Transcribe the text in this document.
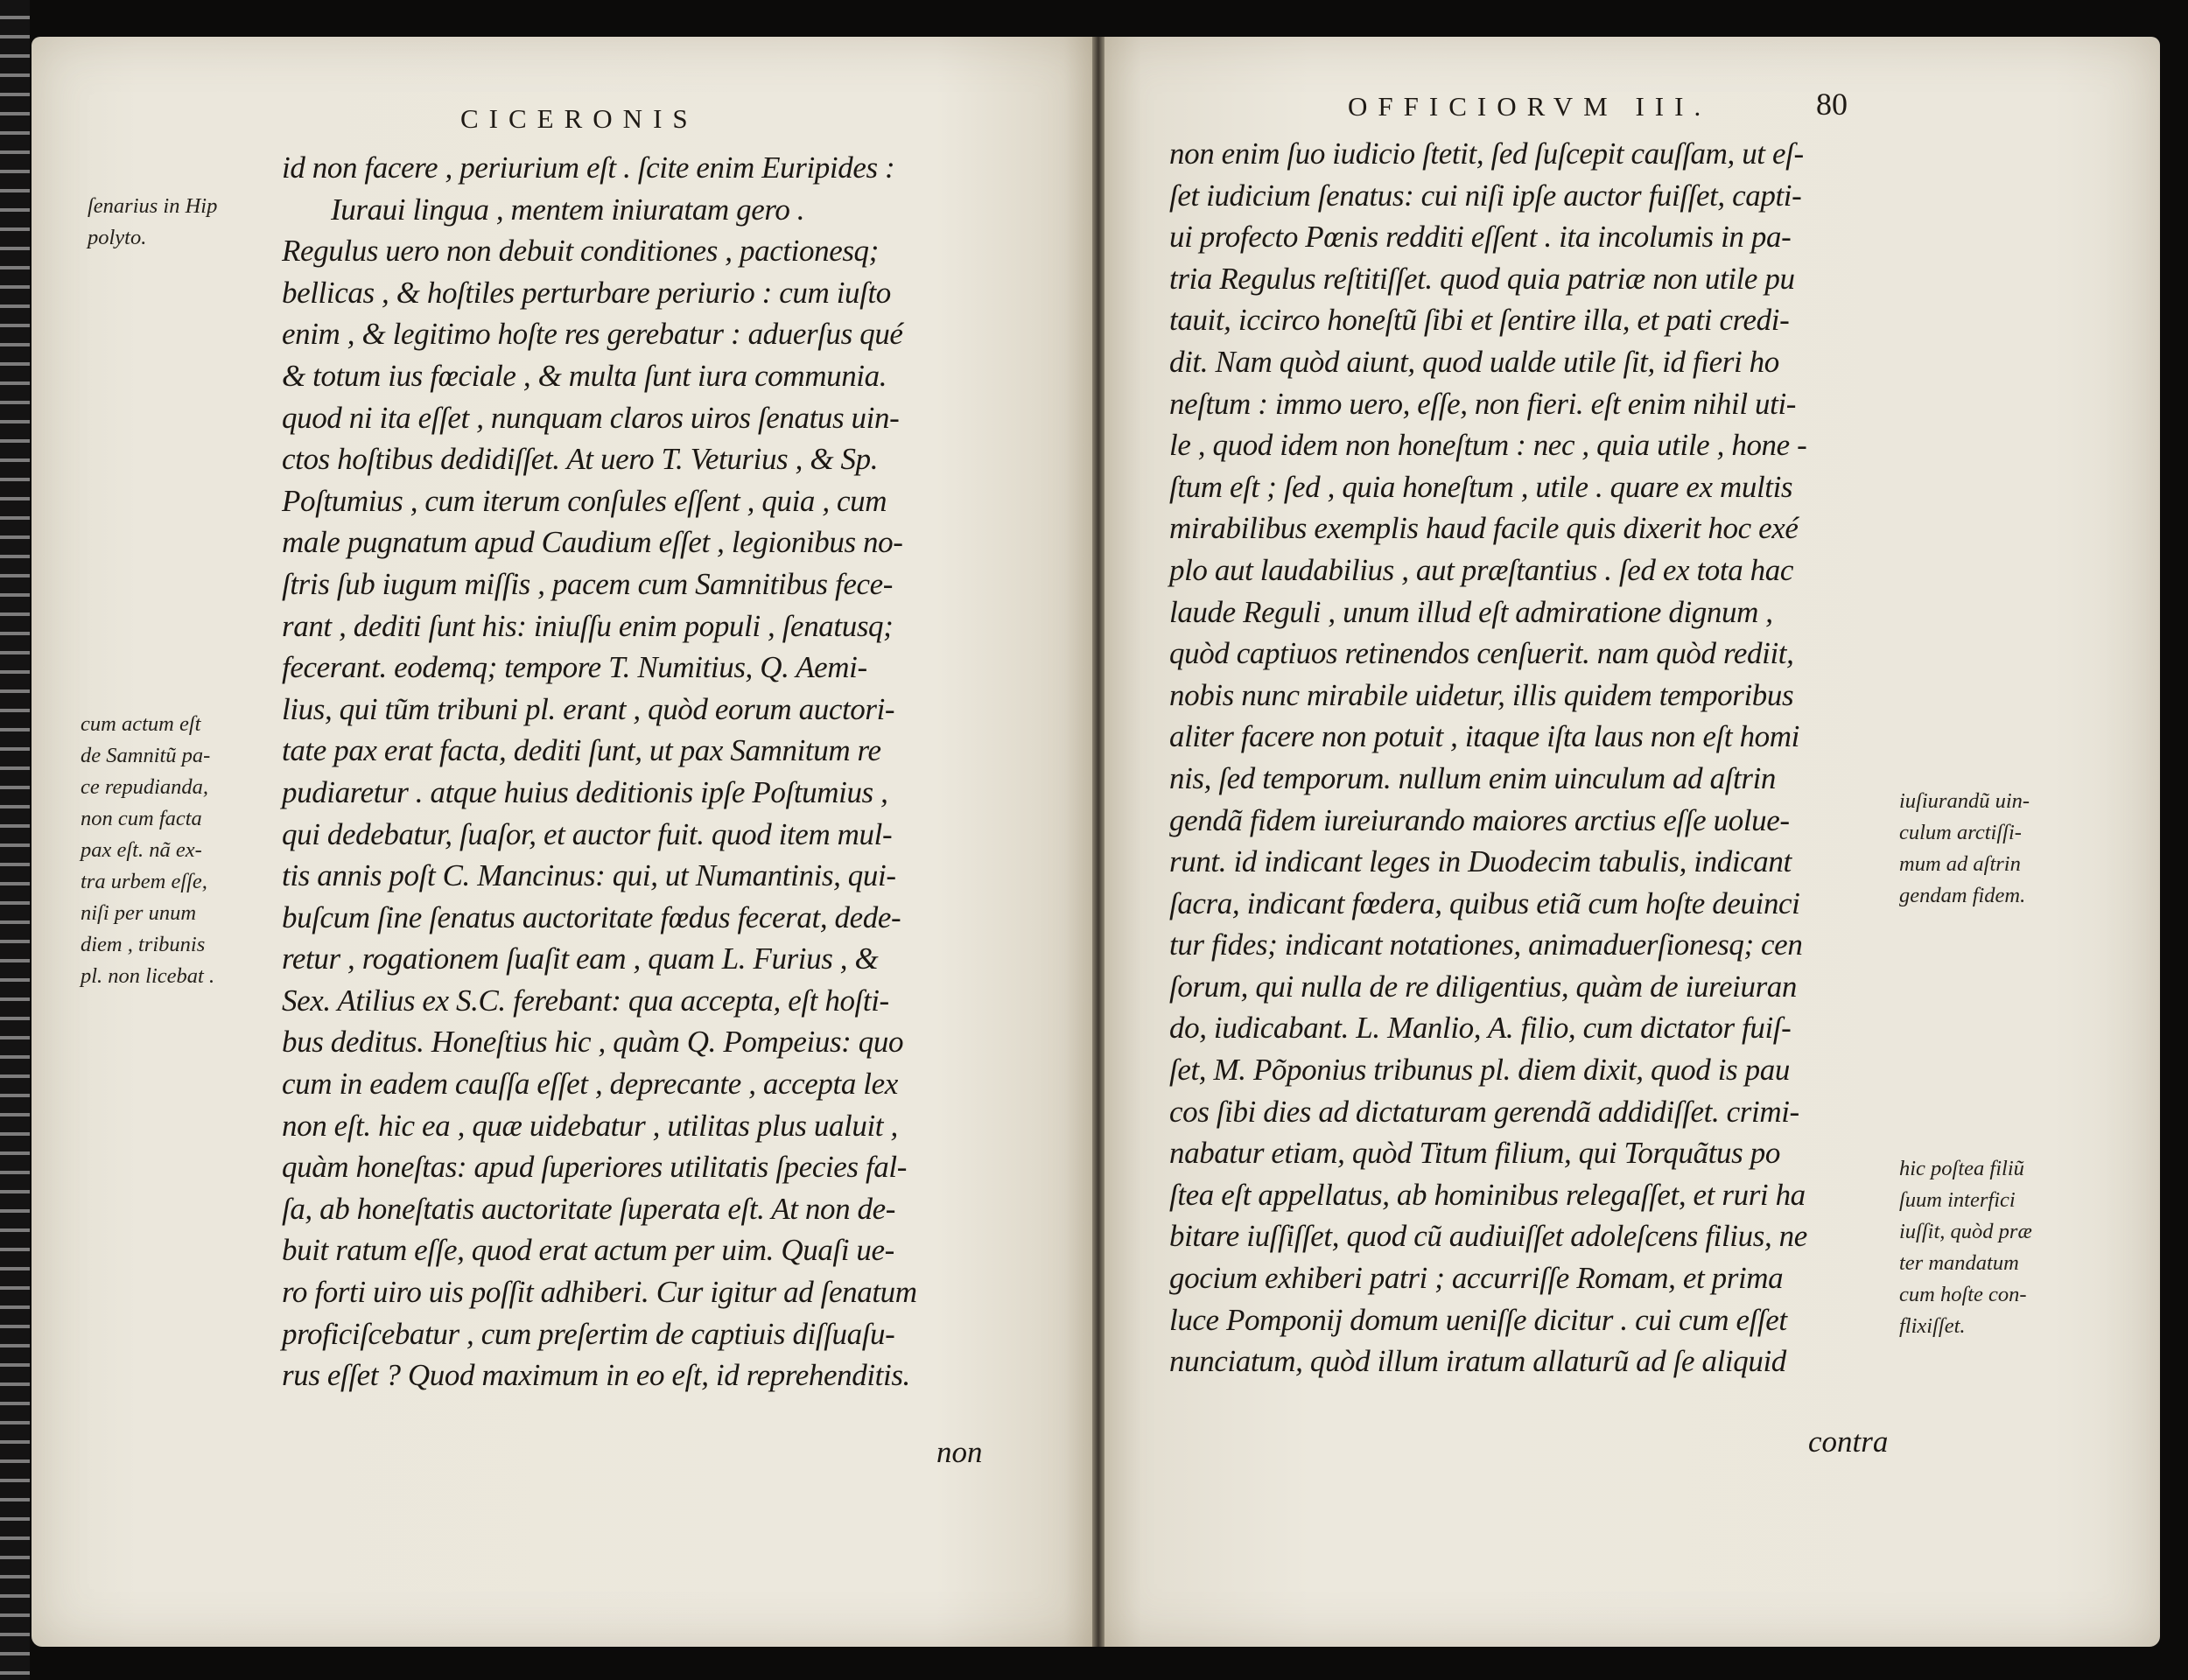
CICERONIS
ſenarius in Hip
polyto.
cum actum eſt
de Samnitũ pa-
ce repudianda,
non cum facta
pax eſt. nã ex-
tra urbem eſſe,
niſi per unum
diem , tribunis
pl. non licebat .
id non facere , periurium eſt . ſcite enim Euripides :
Iuraui lingua , mentem iniuratam gero .
Regulus uero non debuit conditiones , pactionesq;
bellicas , & hoſtiles perturbare periurio : cum iuſto
enim , & legitimo hoſte res gerebatur : aduerſus qué
& totum ius fœciale , & multa ſunt iura communia.
quod ni ita eſſet , nunquam claros uiros ſenatus uin-
ctos hoſtibus dedidiſſet. At uero T. Veturius , & Sp.
Poſtumius , cum iterum conſules eſſent , quia , cum
male pugnatum apud Caudium eſſet , legionibus no-
ſtris ſub iugum miſſis , pacem cum Samnitibus fece-
rant , dediti ſunt his: iniuſſu enim populi , ſenatusq;
fecerant. eodemq; tempore T. Numitius, Q. Aemi-
lius, qui tũm tribuni pl. erant , quòd eorum auctori-
tate pax erat facta, dediti ſunt, ut pax Samnitum re
pudiaretur . atque huius deditionis ipſe Poſtumius ,
qui dedebatur, ſuaſor, et auctor fuit. quod item mul-
tis annis poſt C. Mancinus: qui, ut Numantinis, qui-
buſcum ſine ſenatus auctoritate fœdus fecerat, dede-
retur , rogationem ſuaſit eam , quam L. Furius , &
Sex. Atilius ex S.C. ferebant: qua accepta, eſt hoſti-
bus deditus. Honeſtius hic , quàm Q. Pompeius: quo
cum in eadem cauſſa eſſet , deprecante , accepta lex
non eſt. hic ea , quæ uidebatur , utilitas plus ualuit ,
quàm honeſtas: apud ſuperiores utilitatis ſpecies fal-
ſa, ab honeſtatis auctoritate ſuperata eſt. At non de-
buit ratum eſſe, quod erat actum per uim. Quaſi ue-
ro forti uiro uis poſſit adhiberi. Cur igitur ad ſenatum
proficiſcebatur , cum preſertim de captiuis diſſuaſu-
rus eſſet ? Quod maximum in eo eſt, id reprehenditis.
non
OFFICIORVM III.	80
non enim ſuo iudicio ſtetit, ſed ſuſcepit cauſſam, ut eſ-
ſet iudicium ſenatus: cui niſi ipſe auctor fuiſſet, capti-
ui profecto Pœnis redditi eſſent . ita incolumis in pa-
tria Regulus reſtitiſſet. quod quia patriæ non utile pu
tauit, iccirco honeſtũ ſibi et ſentire illa, et pati credi-
dit. Nam quòd aiunt, quod ualde utile ſit, id fieri ho
neſtum : immo uero, eſſe, non fieri. eſt enim nihil uti-
le , quod idem non honeſtum : nec , quia utile , hone -
ſtum eſt ; ſed , quia honeſtum , utile . quare ex multis
mirabilibus exemplis haud facile quis dixerit hoc exé
plo aut laudabilius , aut præſtantius . ſed ex tota hac
laude Reguli , unum illud eſt admiratione dignum ,
quòd captiuos retinendos cenſuerit. nam quòd rediit,
nobis nunc mirabile uidetur, illis quidem temporibus
aliter facere non potuit , itaque iſta laus non eſt homi
nis, ſed temporum. nullum enim uinculum ad aſtrin
gendã fidem iureiurando maiores arctius eſſe uolue-
runt. id indicant leges in Duodecim tabulis, indicant
ſacra, indicant fœdera, quibus etiã cum hoſte deuinci
tur fides; indicant notationes, animaduerſionesq; cen
ſorum, qui nulla de re diligentius, quàm de iureiuran
do, iudicabant. L. Manlio, A. filio, cum dictator fuiſ-
ſet, M. Põponius tribunus pl. diem dixit, quod is pau
cos ſibi dies ad dictaturam gerendã addidiſſet. crimi-
nabatur etiam, quòd Titum filium, qui Torquãtus po
ſtea eſt appellatus, ab hominibus relegaſſet, et ruri ha
bitare iuſſiſſet, quod cũ audiuiſſet adoleſcens filius, ne
gocium exhiberi patri ; accurriſſe Romam, et prima
luce Pomponij domum ueniſſe dicitur . cui cum eſſet
nunciatum, quòd illum iratum allaturũ ad ſe aliquid
contra
iuſiurandũ uin-
culum arctiſſi-
mum ad aſtrin
gendam fidem.
hic poſtea filiũ
ſuum interfici
iuſſit, quòd præ
ter mandatum
cum hoſte con-
flixiſſet.
